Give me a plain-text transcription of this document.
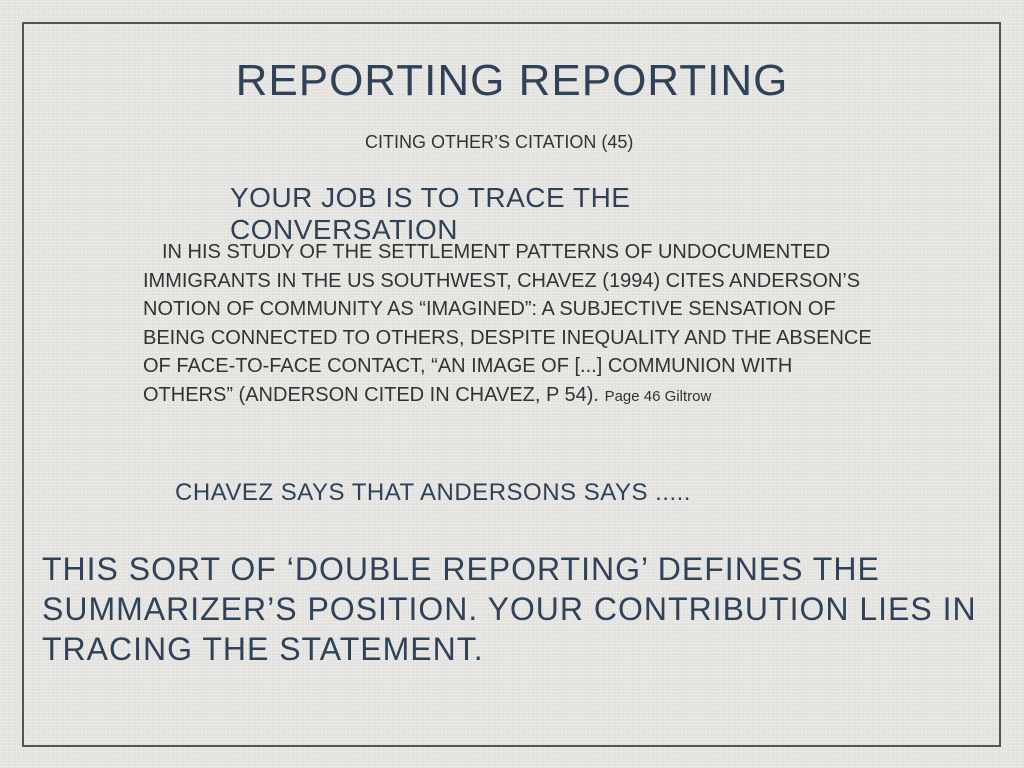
REPORTING REPORTING
CITING OTHER’S CITATION (45)
YOUR JOB IS TO TRACE THE CONVERSATION
IN HIS STUDY OF THE SETTLEMENT PATTERNS OF UNDOCUMENTED IMMIGRANTS IN THE US SOUTHWEST, CHAVEZ (1994) CITES ANDERSON’S NOTION OF COMMUNITY AS “IMAGINED”: A SUBJECTIVE SENSATION OF BEING CONNECTED TO OTHERS, DESPITE INEQUALITY AND THE ABSENCE OF FACE-TO-FACE CONTACT, “AN IMAGE OF [...] COMMUNION WITH OTHERS” (ANDERSON CITED IN CHAVEZ, P 54). Page 46 Giltrow
CHAVEZ SAYS THAT ANDERSONS SAYS .....
THIS SORT OF ‘DOUBLE REPORTING’ DEFINES THE SUMMARIZER’S POSITION. YOUR CONTRIBUTION LIES IN TRACING THE STATEMENT.
